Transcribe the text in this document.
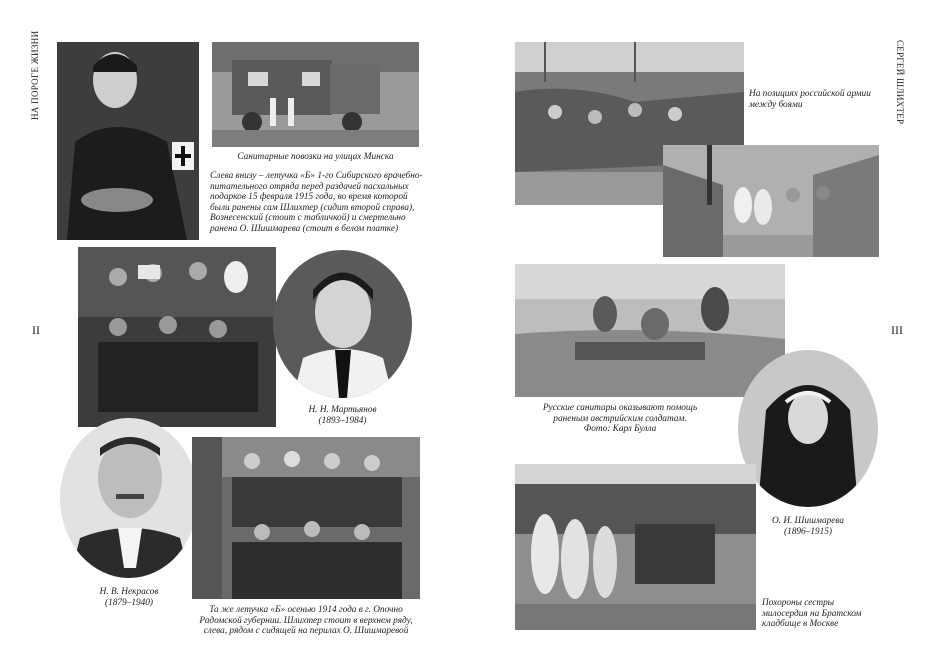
НА ПОРОГЕ ЖИЗНИ
II
Санитарные повозки на улицах Минска
Слева внизу – летучка «Б» 1-го Сибирского врачебно-
питательного отряда перед раздачей пасхальных
подарков 15 февраля 1915 года, во время которой
были ранены сам Шлихтер (сидит второй справа),
Вознесенский (стоит с табличкой) и смертельно
ранена О. Шишмарева (стоит в белом платке)
Н. Н. Мартьянов
(1893–1984)
Н. В. Некрасов
(1879–1940)
Та же летучка «Б» осенью 1914 года в г. Опочно
Радомской губернии. Шлихтер стоит в верхнем ряду,
слева, рядом с сидящей на перилах О. Шишмаревой
СЕРГЕЙ ШЛИХТЕР
III
На позициях российской армии
между боями
Русские санитары оказывают помощь
раненым австрийским солдатам.
Фото: Карл Булла
О. И. Шишмарева
(1896–1915)
Похороны сестры
милосердия на Братском
кладбище в Москве
